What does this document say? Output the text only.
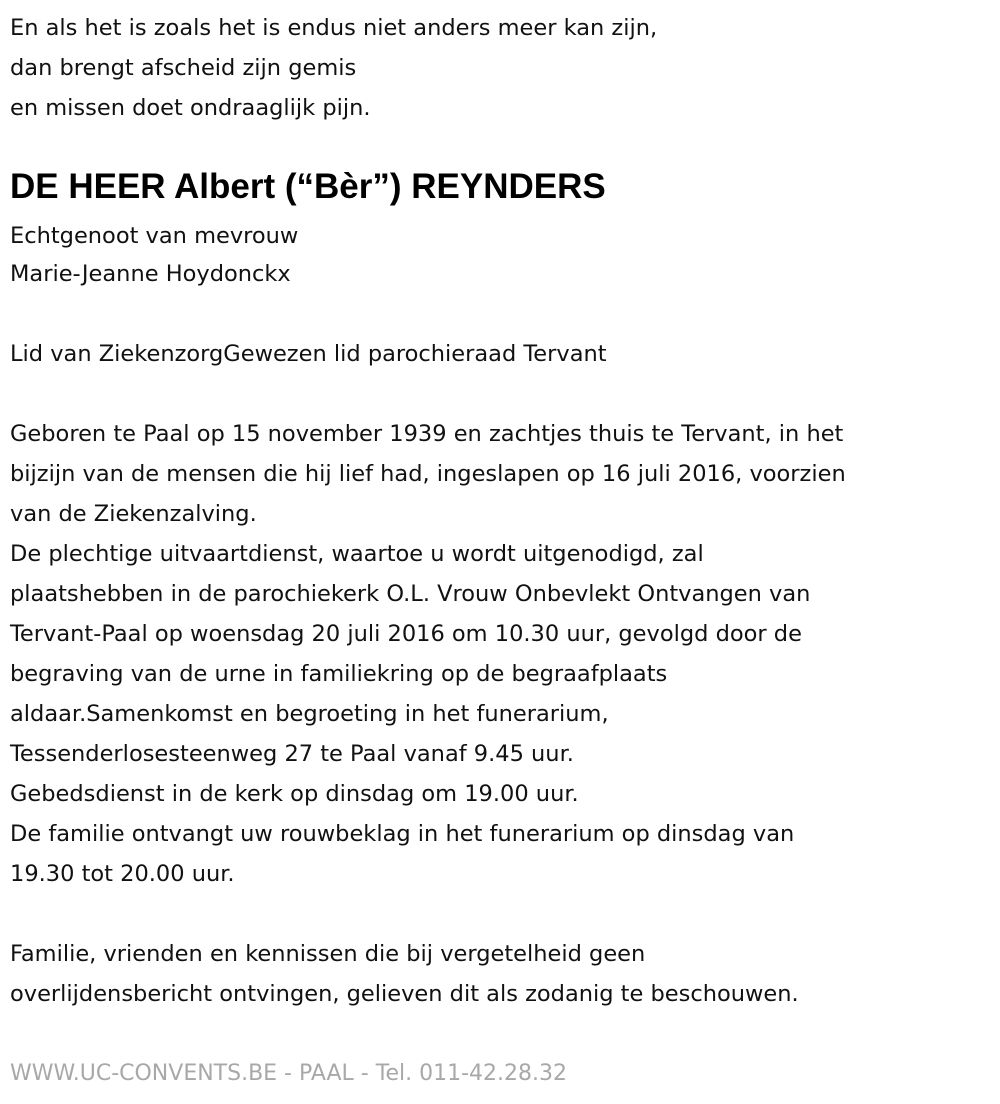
En als het is zoals het is endus niet anders meer kan zijn,
dan brengt afscheid zijn gemis
en missen doet ondraaglijk pijn.
DE HEER Albert (“Bèr”) REYNDERS
Echtgenoot van mevrouw
Marie-Jeanne Hoydonckx
Lid van ZiekenzorgGewezen lid parochieraad Tervant
Geboren te Paal op 15 november 1939 en zachtjes thuis te Tervant, in het
bijzijn van de mensen die hij lief had, ingeslapen op 16 juli 2016, voorzien
van de Ziekenzalving.
De plechtige uitvaartdienst, waartoe u wordt uitgenodigd, zal
plaatshebben in de parochiekerk O.L. Vrouw Onbevlekt Ontvangen van
Tervant-Paal op woensdag 20 juli 2016 om 10.30 uur, gevolgd door de
begraving van de urne in familiekring op de begraafplaats
aldaar.Samenkomst en begroeting in het funerarium,
Tessenderlosesteenweg 27 te Paal vanaf 9.45 uur.
Gebedsdienst in de kerk op dinsdag om 19.00 uur.
De familie ontvangt uw rouwbeklag in het funerarium op dinsdag van
19.30 tot 20.00 uur.
Familie, vrienden en kennissen die bij vergetelheid geen
overlijdensbericht ontvingen, gelieven dit als zodanig te beschouwen.
WWW.UC-CONVENTS.BE - PAAL - Tel. 011-42.28.32
